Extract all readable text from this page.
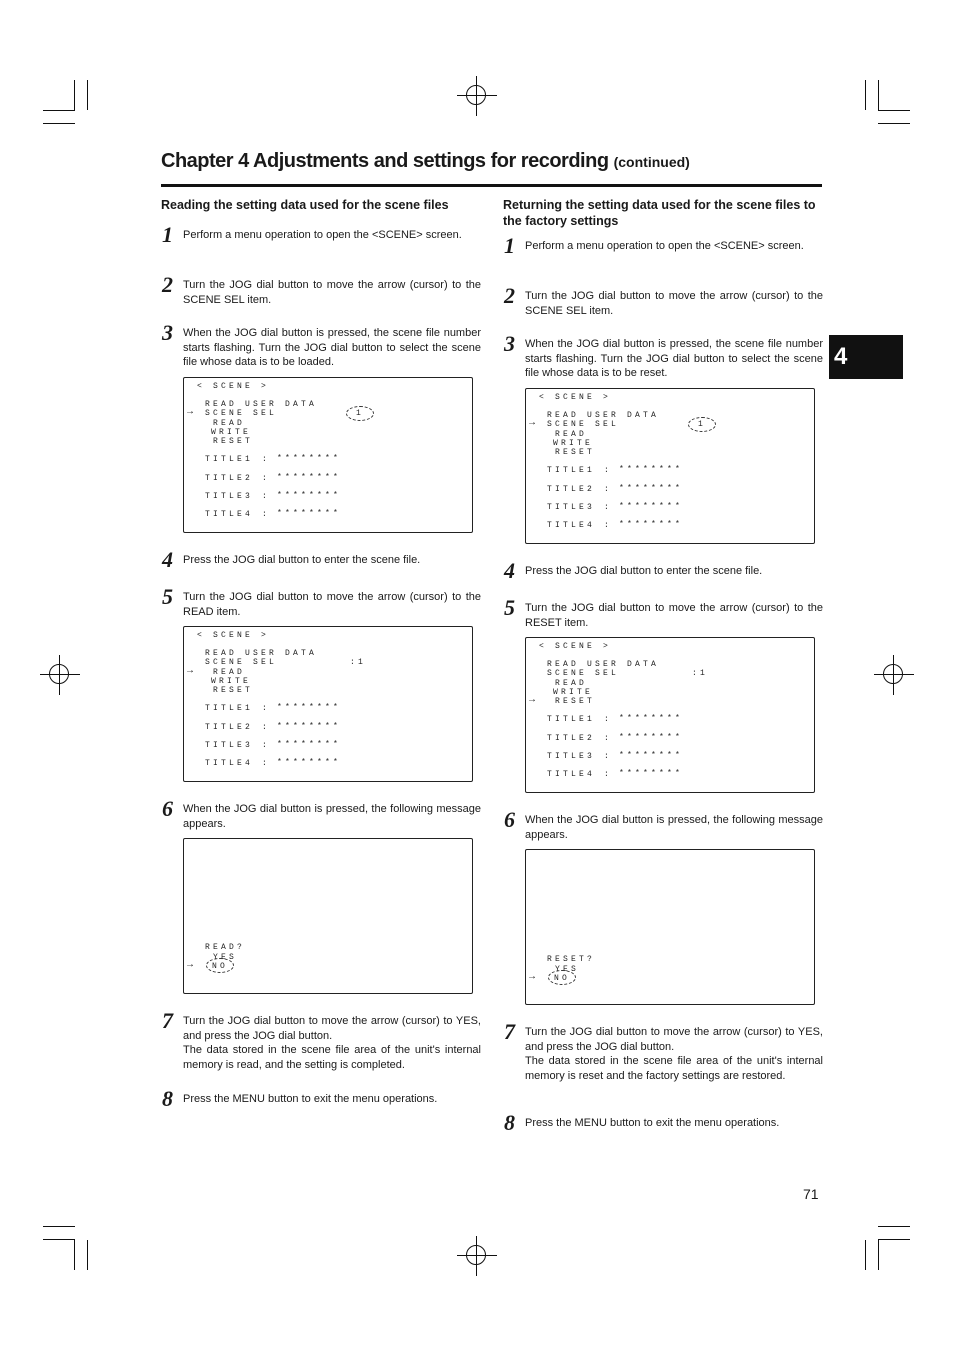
Chapter 4 Adjustments and settings for recording (continued)
4
Reading the setting data used for the scene files
1 Perform a menu operation to open the <SCENE> screen.
2 Turn the JOG dial button to move the arrow (cursor) to the SCENE SEL item.
3 When the JOG dial button is pressed, the scene file number starts flashing. Turn the JOG dial button to select the scene file whose data is to be loaded.
< SCENE >
READ USER DATA
→ SCENE SEL	1
READ
WRITE
RESET
TITLE1 : ********
TITLE2 : ********
TITLE3 : ********
TITLE4 : ********
4 Press the JOG dial button to enter the scene file.
5 Turn the JOG dial button to move the arrow (cursor) to the READ item.
< SCENE >
READ USER DATA
SCENE SEL	:1
→ READ
WRITE
RESET
TITLE1 : ********
TITLE2 : ********
TITLE3 : ********
TITLE4 : ********
6 When the JOG dial button is pressed, the following message appears.
READ?
YES
→ NO
7 Turn the JOG dial button to move the arrow (cursor) to YES, and press the JOG dial button.
The data stored in the scene file area of the unit's internal memory is read, and the setting is completed.
8 Press the MENU button to exit the menu operations.
Returning the setting data used for the scene files to the factory settings
1 Perform a menu operation to open the <SCENE> screen.
2 Turn the JOG dial button to move the arrow (cursor) to the SCENE SEL item.
3 When the JOG dial button is pressed, the scene file number starts flashing. Turn the JOG dial button to select the scene file whose data is to be reset.
< SCENE >
READ USER DATA
→ SCENE SEL	1
READ
WRITE
RESET
TITLE1 : ********
TITLE2 : ********
TITLE3 : ********
TITLE4 : ********
4 Press the JOG dial button to enter the scene file.
5 Turn the JOG dial button to move the arrow (cursor) to the RESET item.
< SCENE >
READ USER DATA
SCENE SEL	:1
READ
WRITE
→ RESET
TITLE1 : ********
TITLE2 : ********
TITLE3 : ********
TITLE4 : ********
6 When the JOG dial button is pressed, the following message appears.
RESET?
YES
→ NO
7 Turn the JOG dial button to move the arrow (cursor) to YES, and press the JOG dial button.
The data stored in the scene file area of the unit's internal memory is reset and the factory settings are restored.
8 Press the MENU button to exit the menu operations.
71
